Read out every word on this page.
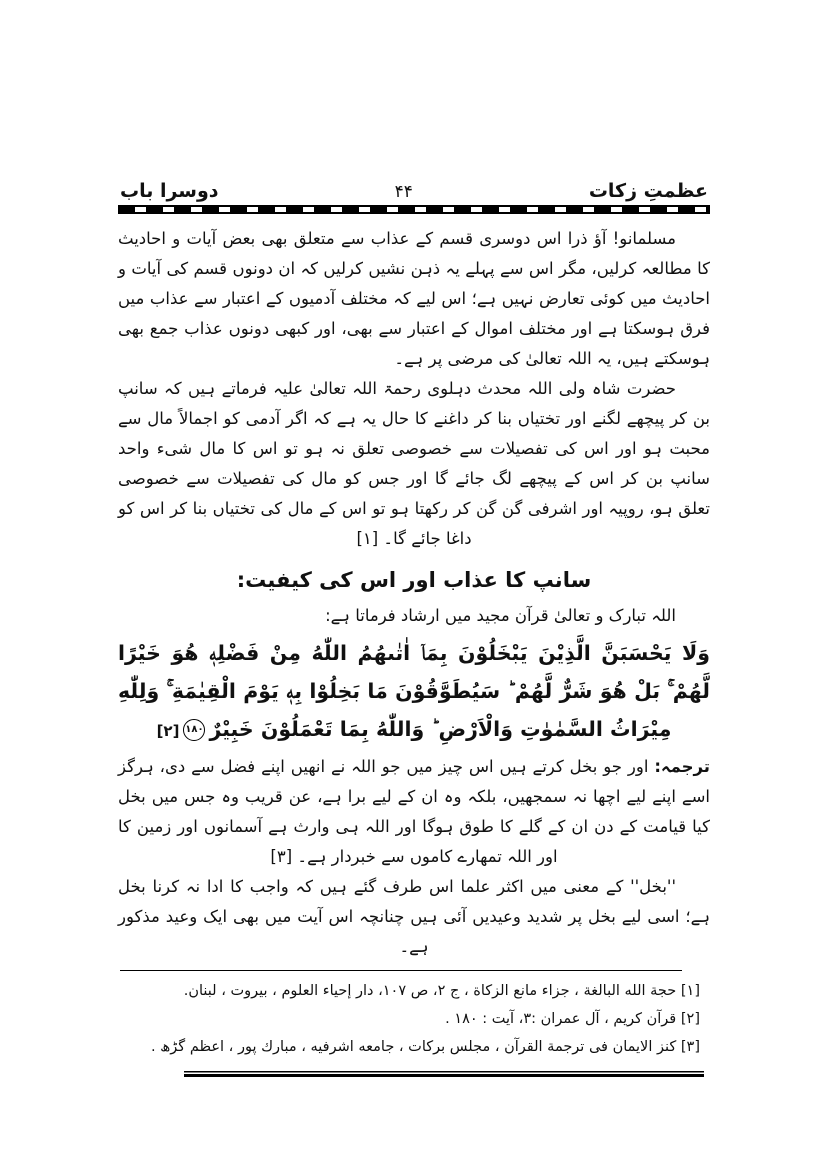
عظمتِ زکات
۴۴
دوسرا باب

مسلمانو! آؤ ذرا اس دوسری قسم کے عذاب سے متعلق بھی بعض آیات و احادیث کا مطالعہ کرلیں، مگر اس سے پہلے یہ ذہن نشیں کرلیں کہ ان دونوں قسم کی آیات و احادیث میں کوئی تعارض نہیں ہے؛ اس لیے کہ مختلف آدمیوں کے اعتبار سے عذاب میں فرق ہوسکتا ہے اور مختلف اموال کے اعتبار سے بھی، اور کبھی دونوں عذاب جمع بھی ہوسکتے ہیں، یہ اللہ تعالیٰ کی مرضی پر ہے۔

حضرت شاہ ولی اللہ محدث دہلوی رحمۃ اللہ تعالیٰ علیہ فرماتے ہیں کہ سانپ بن کر پیچھے لگنے اور تختیاں بنا کر داغنے کا حال یہ ہے کہ اگر آدمی کو اجمالاً مال سے محبت ہو اور اس کی تفصیلات سے خصوصی تعلق نہ ہو تو اس کا مال شیء واحد سانپ بن کر اس کے پیچھے لگ جائے گا اور جس کو مال کی تفصیلات سے خصوصی تعلق ہو، روپیہ اور اشرفی گن گن کر رکھتا ہو تو اس کے مال کی تختیاں بنا کر اس کو داغا جائے گا۔ [۱]

سانپ کا عذاب اور اس کی کیفیت:

اللہ تبارک و تعالیٰ قرآن مجید میں ارشاد فرماتا ہے:

وَلَا يَحْسَبَنَّ الَّذِيْنَ يَبْخَلُوْنَ بِمَاۤ اٰتٰىهُمُ اللّٰهُ مِنْ فَضْلِهٖ هُوَ خَيْرًا لَّهُمْ ۚ بَلْ هُوَ شَرٌّ لَّهُمْ ؕ سَيُطَوَّقُوْنَ مَا بَخِلُوْا بِهٖ يَوْمَ الْقِيٰمَةِ ۚ وَلِلّٰهِ مِيْرَاثُ السَّمٰوٰتِ وَالْاَرْضِ ؕ وَاللّٰهُ بِمَا تَعْمَلُوْنَ خَبِيْرٌ۱۸۰[۲]

ترجمہ: اور جو بخل کرتے ہیں اس چیز میں جو اللہ نے انھیں اپنے فضل سے دی، ہرگز اسے اپنے لیے اچھا نہ سمجھیں، بلکہ وہ ان کے لیے برا ہے، عن قریب وہ جس میں بخل کیا قیامت کے دن ان کے گلے کا طوق ہوگا اور اللہ ہی وارث ہے آسمانوں اور زمین کا اور اللہ تمھارے کاموں سے خبردار ہے۔ [۳]

''بخل'' کے معنی میں اکثر علما اس طرف گئے ہیں کہ واجب کا ادا نہ کرنا بخل ہے؛ اسی لیے بخل پر شدید وعیدیں آئی ہیں چنانچہ اس آیت میں بھی ایک وعید مذکور ہے۔

[۱] حجة الله البالغة ، جزاء مانع الزكاة ، ج ۲، ص ۱۰۷، دار إحياء العلوم ، بيروت ، لبنان.
[۲] قرآن كريم ، آل عمران :۳، آيت : ۱۸۰ .
[۳] كنز الايمان فى ترجمة القرآن ، مجلس بركات ، جامعه اشرفيه ، مبارك پور ، اعظم گڑھ .
